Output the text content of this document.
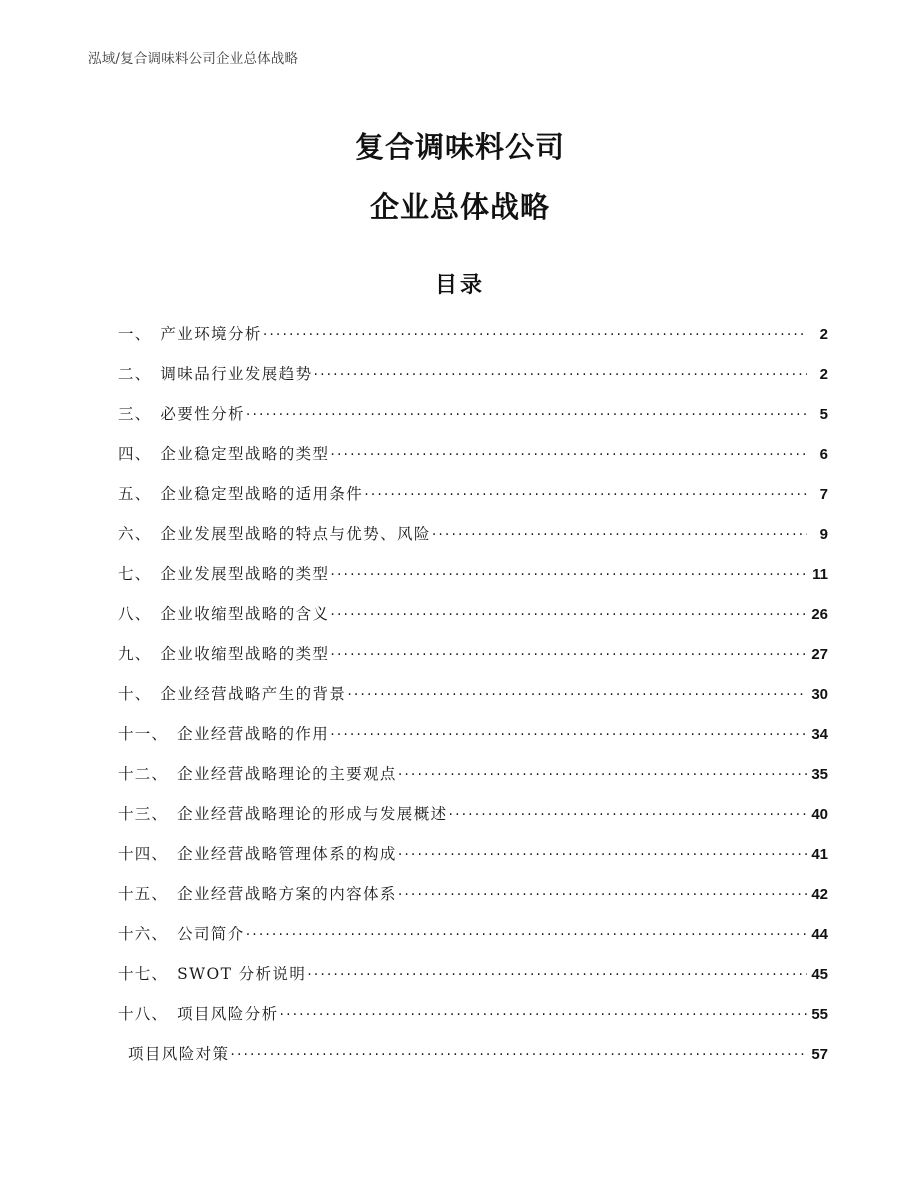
泓域/复合调味料公司企业总体战略
复合调味料公司
企业总体战略
目录
一、 产业环境分析 .....	2
二、 调味品行业发展趋势 .....	2
三、 必要性分析 .....	5
四、 企业稳定型战略的类型 .....	6
五、 企业稳定型战略的适用条件 .....	7
六、 企业发展型战略的特点与优势、风险 .....	9
七、 企业发展型战略的类型 .....	11
八、 企业收缩型战略的含义 .....	26
九、 企业收缩型战略的类型 .....	27
十、 企业经营战略产生的背景 .....	30
十一、 企业经营战略的作用 .....	34
十二、 企业经营战略理论的主要观点 .....	35
十三、 企业经营战略理论的形成与发展概述 .....	40
十四、 企业经营战略管理体系的构成 .....	41
十五、 企业经营战略方案的内容体系 .....	42
十六、 公司简介 .....	44
十七、 SWOT 分析说明 .....	45
十八、 项目风险分析 .....	55
项目风险对策 .....	57
